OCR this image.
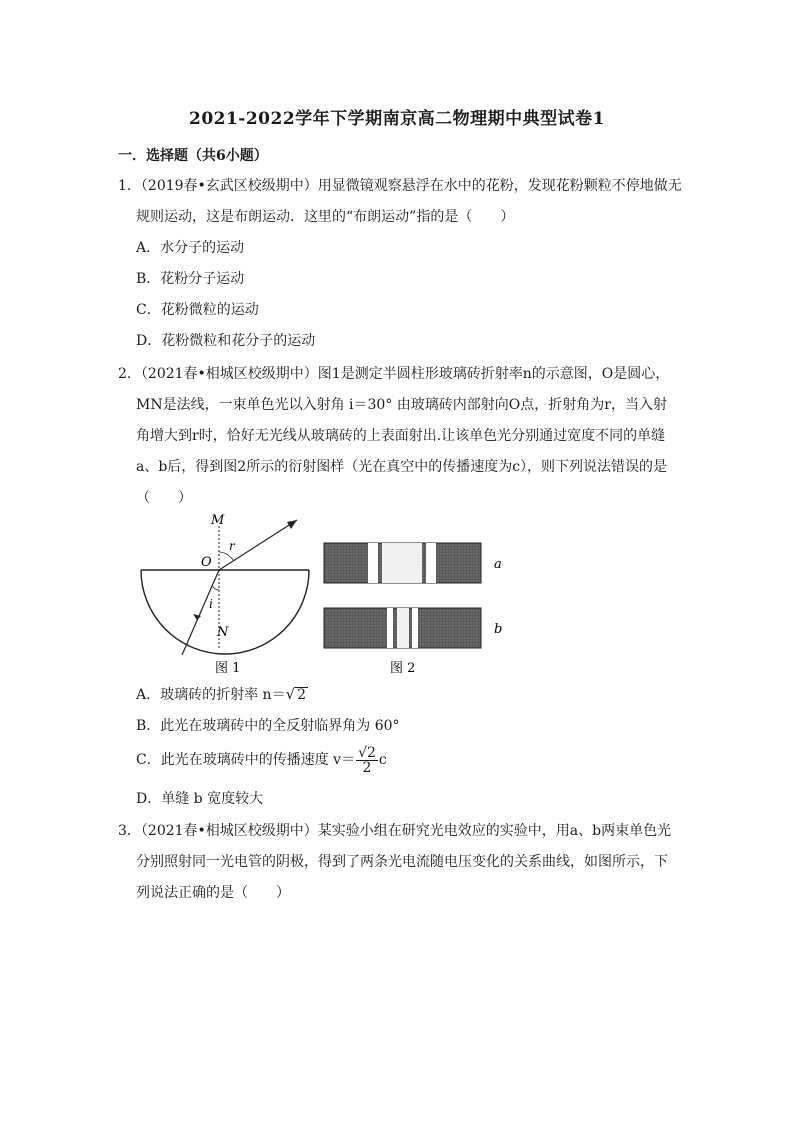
2021-2022学年下学期南京高二物理期中典型试卷1
一．选择题（共6小题）
1．（2019春•玄武区校级期中）用显微镜观察悬浮在水中的花粉，发现花粉颗粒不停地做无
规则运动，这是布朗运动．这里的“布朗运动”指的是（　　）
A．水分子的运动
B．花粉分子运动
C．花粉微粒的运动
D．花粉微粒和花分子的运动
2．（2021春•相城区校级期中）图1是测定半圆柱形玻璃砖折射率n的示意图，O是圆心，
MN是法线，一束单色光以入射角 i＝30° 由玻璃砖内部射向O点，折射角为r，当入射
角增大到r时，恰好无光线从玻璃砖的上表面射出.让该单色光分别通过宽度不同的单缝
a、b后，得到图2所示的衍射图样（光在真空中的传播速度为c），则下列说法错误的是
（　　）
M
O
r
i
N
图 1
a
b
图 2
A．玻璃砖的折射率 n＝√ 2
B．此光在玻璃砖中的全反射临界角为 60°
C．此光在玻璃砖中的传播速度 $v= \frac{√2}{2}$ c
D．单缝 b 宽度较大
3．（2021春•相城区校级期中）某实验小组在研究光电效应的实验中，用a、b两束单色光
分别照射同一光电管的阴极，得到了两条光电流随电压变化的关系曲线，如图所示，下
列说法正确的是（　　）
